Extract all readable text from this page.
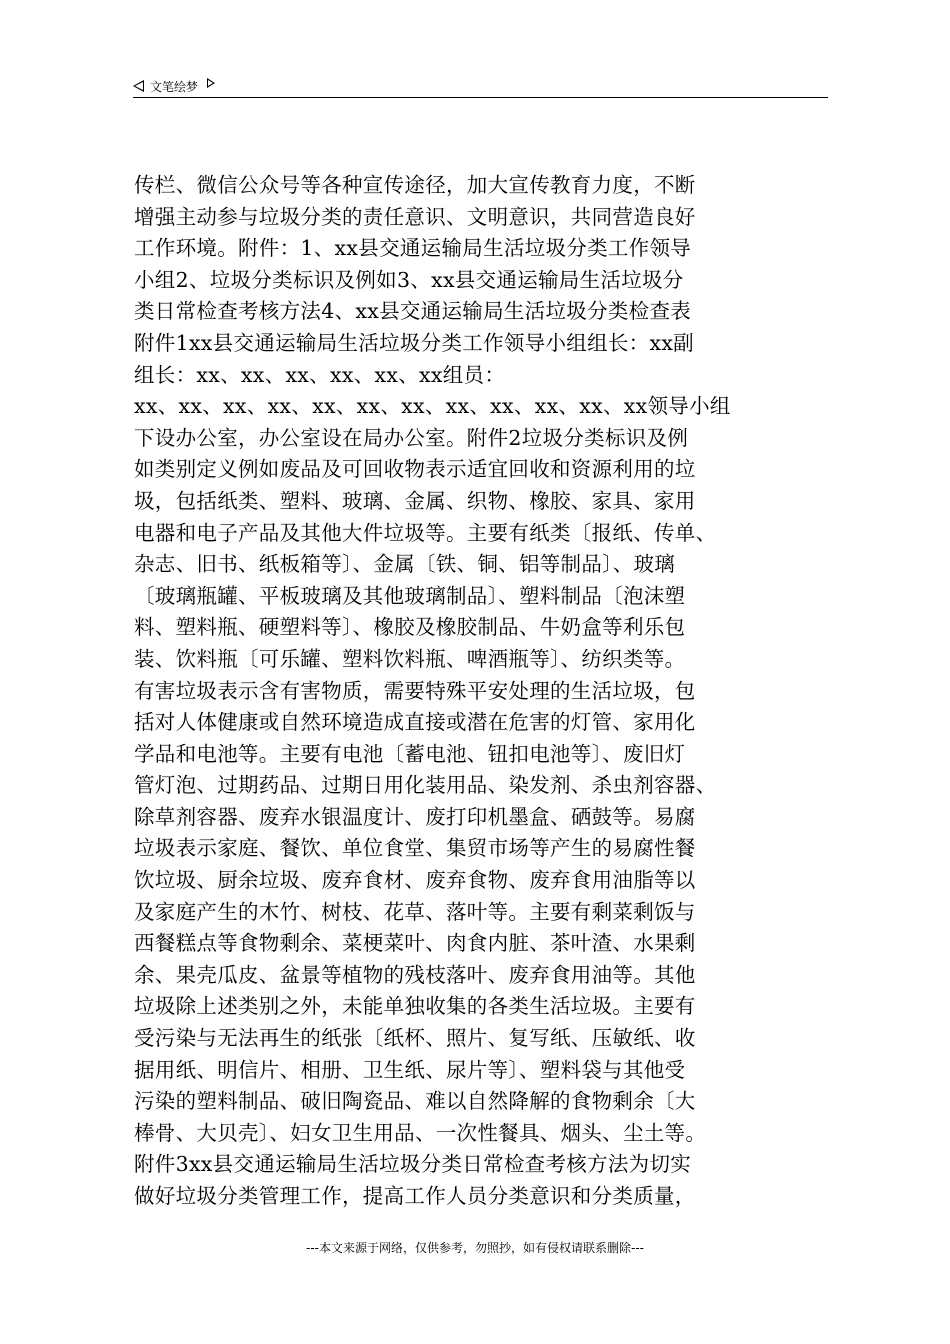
文笔绘梦
传栏、微信公众号等各种宣传途径，加大宣传教育力度，不断
增强主动参与垃圾分类的责任意识、文明意识，共同营造良好
工作环境。附件：1、xx县交通运输局生活垃圾分类工作领导
小组2、垃圾分类标识及例如3、xx县交通运输局生活垃圾分
类日常检查考核方法4、xx县交通运输局生活垃圾分类检查表
附件1xx县交通运输局生活垃圾分类工作领导小组组长：xx副
组长：xx、xx、xx、xx、xx、xx组员：
xx、xx、xx、xx、xx、xx、xx、xx、xx、xx、xx、xx领导小组
下设办公室，办公室设在局办公室。附件2垃圾分类标识及例
如类别定义例如废品及可回收物表示适宜回收和资源利用的垃
圾，包括纸类、塑料、玻璃、金属、织物、橡胶、家具、家用
电器和电子产品及其他大件垃圾等。主要有纸类〔报纸、传单、
杂志、旧书、纸板箱等〕、金属〔铁、铜、铝等制品〕、玻璃
〔玻璃瓶罐、平板玻璃及其他玻璃制品〕、塑料制品〔泡沫塑
料、塑料瓶、硬塑料等〕、橡胶及橡胶制品、牛奶盒等利乐包
装、饮料瓶〔可乐罐、塑料饮料瓶、啤酒瓶等〕、纺织类等。
有害垃圾表示含有害物质，需要特殊平安处理的生活垃圾，包
括对人体健康或自然环境造成直接或潜在危害的灯管、家用化
学品和电池等。主要有电池〔蓄电池、钮扣电池等〕、废旧灯
管灯泡、过期药品、过期日用化装用品、染发剂、杀虫剂容器、
除草剂容器、废弃水银温度计、废打印机墨盒、硒鼓等。易腐
垃圾表示家庭、餐饮、单位食堂、集贸市场等产生的易腐性餐
饮垃圾、厨余垃圾、废弃食材、废弃食物、废弃食用油脂等以
及家庭产生的木竹、树枝、花草、落叶等。主要有剩菜剩饭与
西餐糕点等食物剩余、菜梗菜叶、肉食内脏、茶叶渣、水果剩
余、果壳瓜皮、盆景等植物的残枝落叶、废弃食用油等。其他
垃圾除上述类别之外，未能单独收集的各类生活垃圾。主要有
受污染与无法再生的纸张〔纸杯、照片、复写纸、压敏纸、收
据用纸、明信片、相册、卫生纸、尿片等〕、塑料袋与其他受
污染的塑料制品、破旧陶瓷品、难以自然降解的食物剩余〔大
棒骨、大贝壳〕、妇女卫生用品、一次性餐具、烟头、尘土等。
附件3xx县交通运输局生活垃圾分类日常检查考核方法为切实
做好垃圾分类管理工作，提高工作人员分类意识和分类质量，
---本文来源于网络，仅供参考，勿照抄，如有侵权请联系删除---
